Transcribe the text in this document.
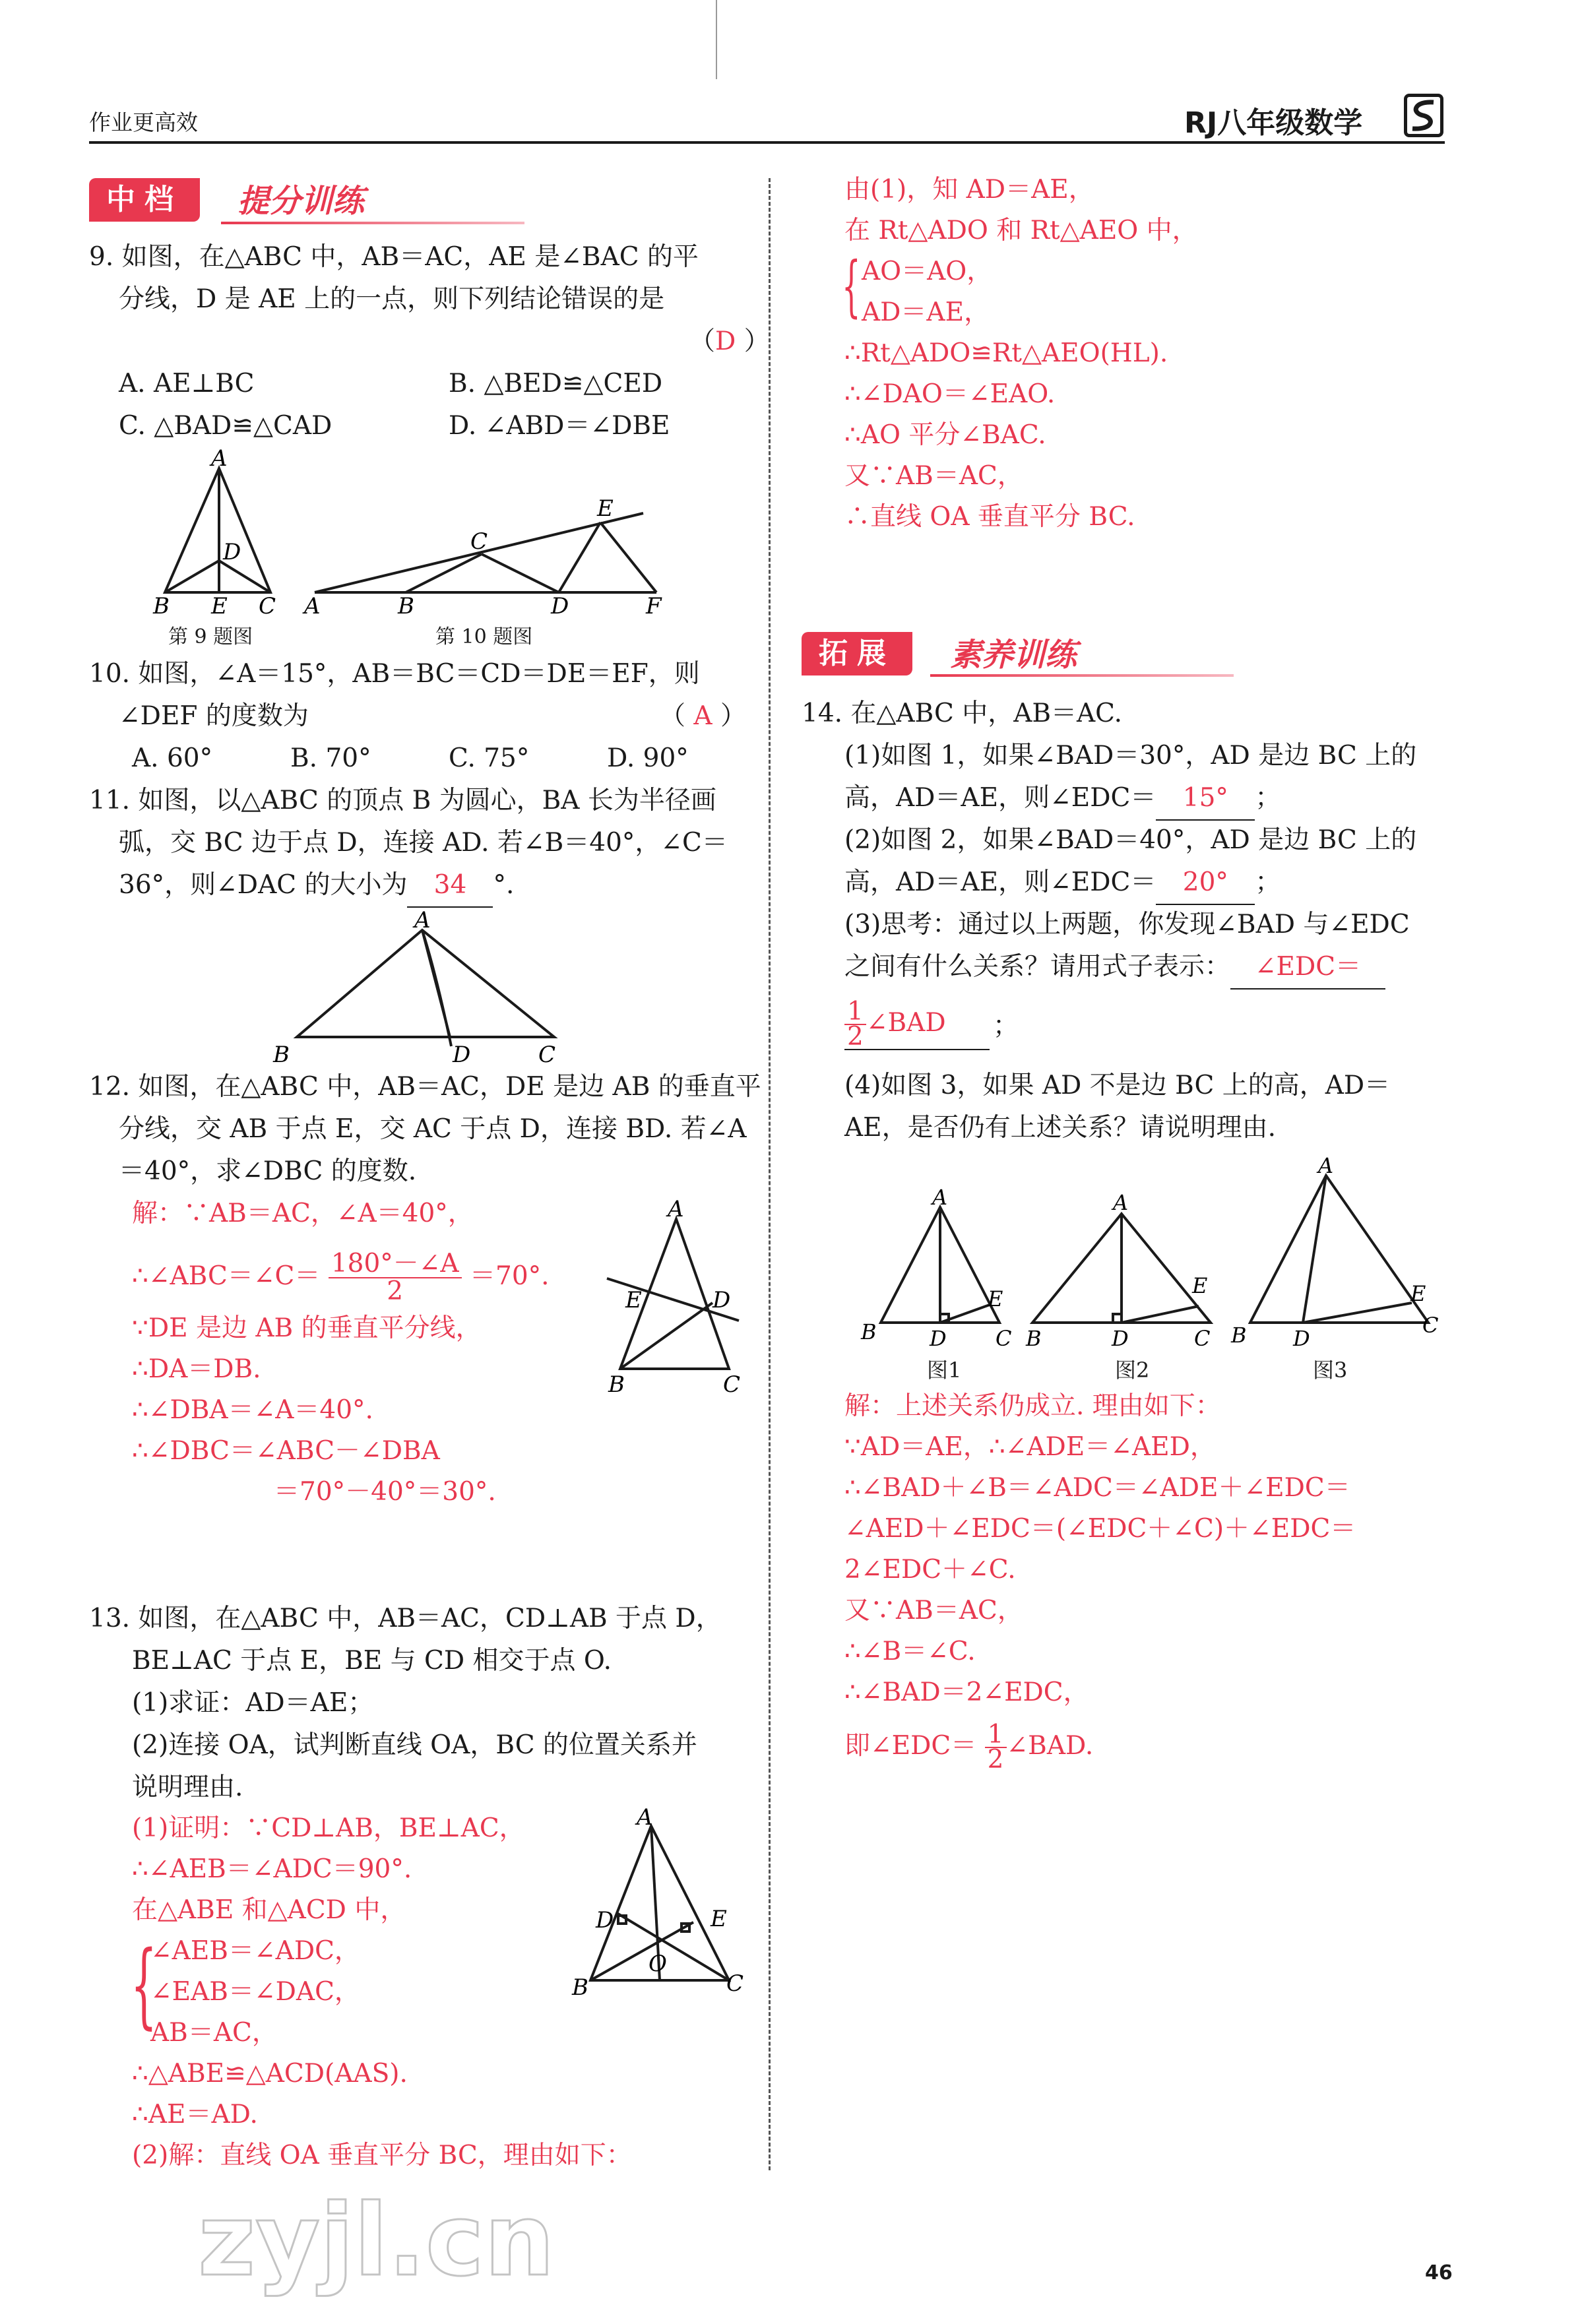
作业更高效	RJ八年级数学
中档	提分训练
9. 如图，在△ABC 中，AB＝AC，AE 是∠BAC 的平
分线，D 是 AE 上的一点，则下列结论错误的是
（D ）
A. AE⊥BC	B. △BED≌△CED
C. △BAD≌△CAD	D. ∠ABD＝∠DBE
A
D
B E C
第 9 题图
C
E
A	B	D	F
第 10 题图
10. 如图，∠A＝15°，AB＝BC＝CD＝DE＝EF，则
∠DEF 的度数为	（ A ）
A. 60°	B. 70°	C. 75°	D. 90°
11. 如图，以△ABC 的顶点 B 为圆心，BA 长为半径画
弧，交 BC 边于点 D，连接 AD. 若∠B＝40°，∠C＝
36°，则∠DAC 的大小为 34 °.
A
B	D	C
12. 如图，在△ABC 中，AB＝AC，DE 是边 AB 的垂直平
分线，交 AB 于点 E，交 AC 于点 D，连接 BD. 若∠A
＝40°，求∠DBC 的度数.
解：∵AB＝AC，∠A＝40°，
∴∠ABC＝∠C＝ $\frac{180^\circ-\angle A}{2} =70^\circ$.
∵DE 是边 AB 的垂直平分线，
∴DA＝DB.
∴∠DBA＝∠A＝40°.
∴∠DBC＝∠ABC－∠DBA
＝70°－40°＝30°.
A
E	D
B	C
13. 如图，在△ABC 中，AB＝AC，CD⊥AB 于点 D，
BE⊥AC 于点 E，BE 与 CD 相交于点 O.
(1)求证：AD＝AE；
(2)连接 OA，试判断直线 OA，BC 的位置关系并
说明理由.
(1)证明：∵CD⊥AB，BE⊥AC，
∴∠AEB＝∠ADC＝90°.
在△ABE 和△ACD 中，
{
∠AEB＝∠ADC，
∠EAB＝∠DAC，
AB＝AC，
∴△ABE≌△ACD(AAS).
∴AE＝AD.
(2)解：直线 OA 垂直平分 BC，理由如下：
A
D	E
O
B	C
由(1)，知 AD＝AE，
在 Rt△ADO 和 Rt△AEO 中，
{ AO＝AO，
AD＝AE，
∴Rt△ADO≌Rt△AEO(HL).
∴∠DAO＝∠EAO.
∴AO 平分∠BAC.
又∵AB＝AC，
∴直线 OA 垂直平分 BC.
拓展	素养训练
14. 在△ABC 中，AB＝AC.
(1)如图 1，如果∠BAD＝30°，AD 是边 BC 上的
高，AD＝AE，则∠EDC＝ 15° ；
(2)如图 2，如果∠BAD＝40°，AD 是边 BC 上的
高，AD＝AE，则∠EDC＝ 20° ；
(3)思考：通过以上两题，你发现∠BAD 与∠EDC
之间有什么关系？请用式子表示： ∠EDC＝
$\frac{1}{2}$ ∠BAD	；
(4)如图 3，如果 AD 不是边 BC 上的高，AD＝
AE，是否仍有上述关系？请说明理由.
A
E
B	D C
图1
A
E
B	D	C
图2
A
E
B D
C
图3
解：上述关系仍成立. 理由如下：
∵AD＝AE，∴∠ADE＝∠AED，
∴∠BAD＋∠B＝∠ADC＝∠ADE＋∠EDC＝
∠AED＋∠EDC＝(∠EDC＋∠C)＋∠EDC＝
2∠EDC＋∠C.
又∵AB＝AC，
∴∠B＝∠C.
∴∠BAD＝2∠EDC，
即∠EDC＝ $\frac{1}{2}$ ∠BAD.
zyjl.cn	46
